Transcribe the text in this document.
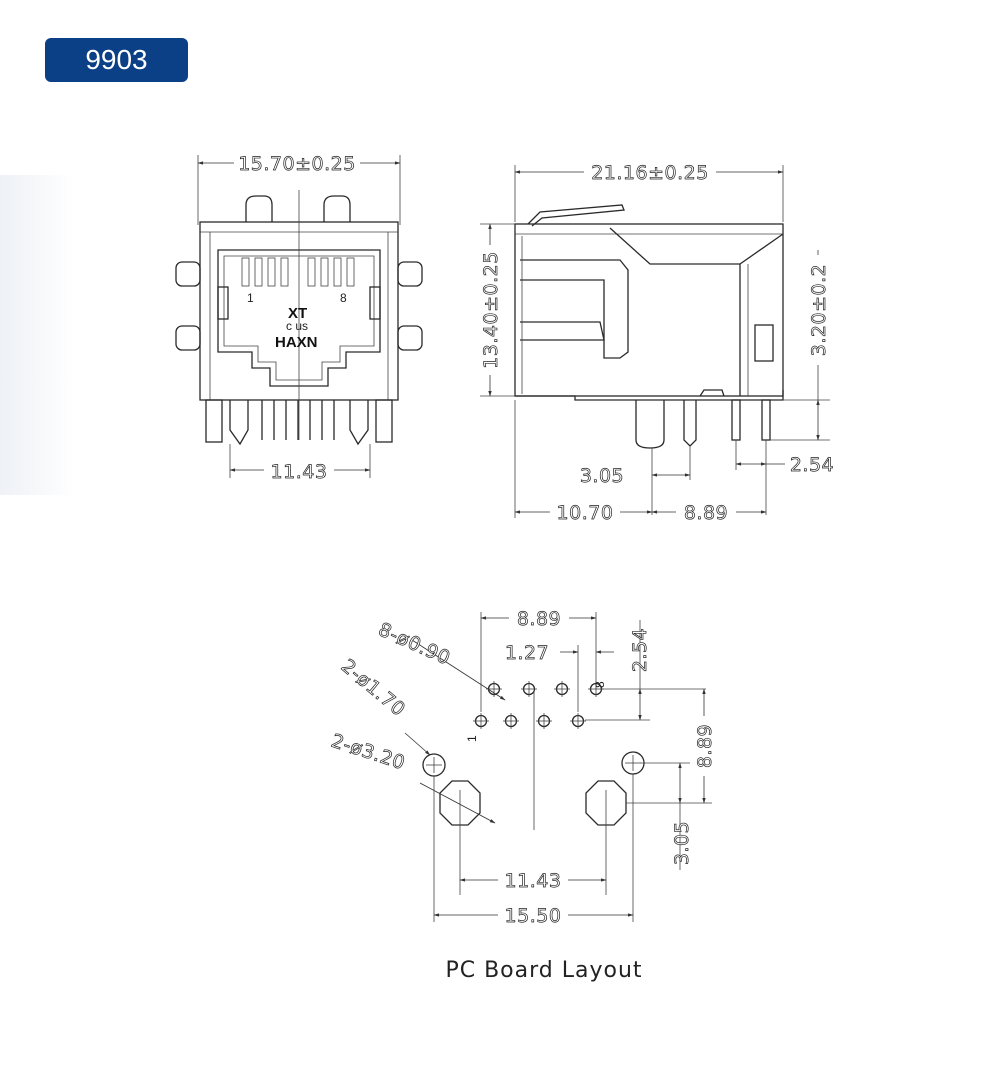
9903
15.70±0.25
1	8
XT
c us
HAXN
11.43
21.16±0.25
13.40±0.25	3.20±0.2
3.05	2.54
10.70	8.89
8.89
1.27	2.54
8
1
8-ø0.90
2-ø1.70
2-ø3.20	8.89
3.05
11.43
15.50
PC Board Layout
